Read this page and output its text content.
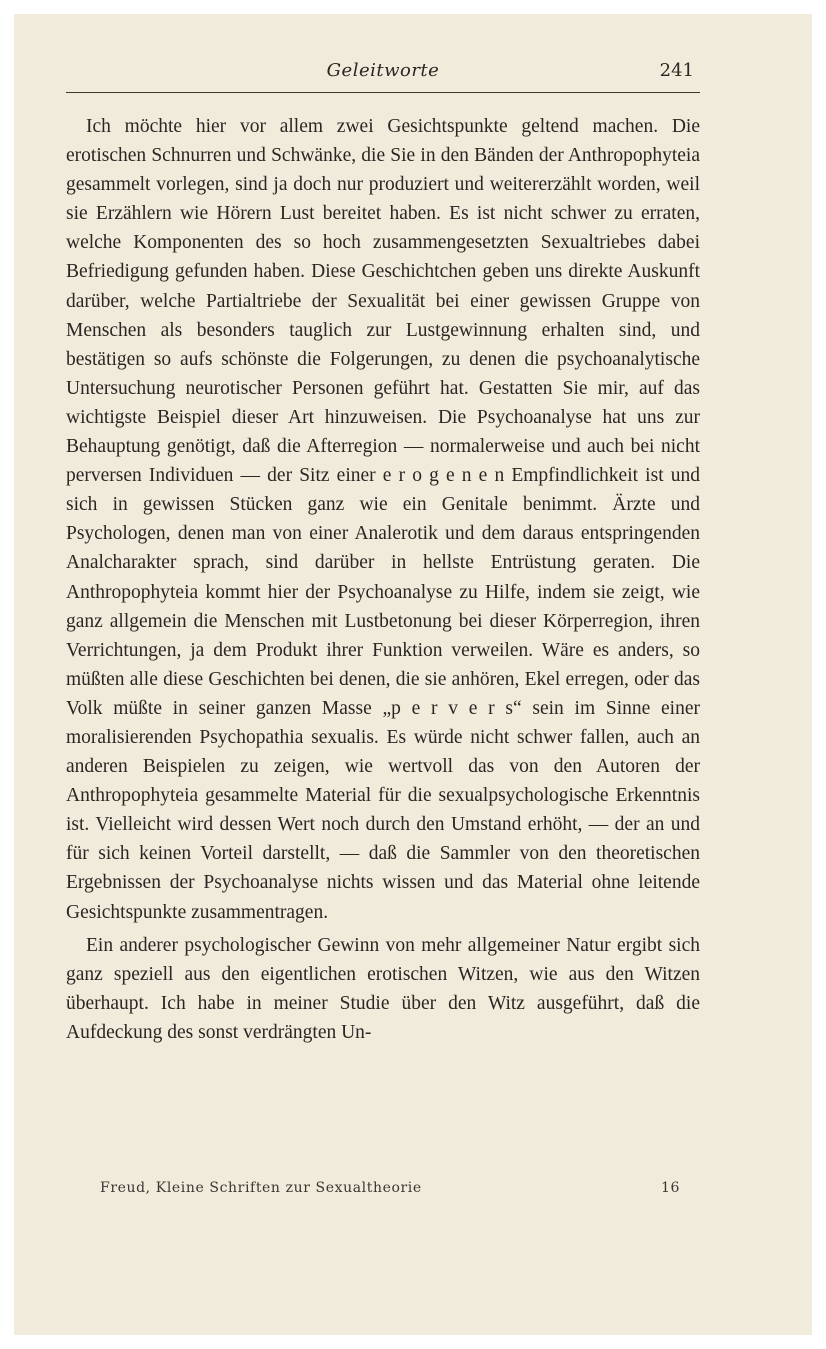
Geleitworte	241

Ich möchte hier vor allem zwei Gesichtspunkte geltend machen. Die erotischen Schnurren und Schwänke, die Sie in den Bänden der Anthropophyteia gesammelt vorlegen, sind ja doch nur produziert und weitererzählt worden, weil sie Erzählern wie Hörern Lust bereitet haben. Es ist nicht schwer zu erraten, welche Komponenten des so hoch zusammengesetzten Sexualtriebes dabei Befriedigung gefunden haben. Diese Geschichtchen geben uns direkte Auskunft darüber, welche Partialtriebe der Sexualität bei einer gewissen Gruppe von Menschen als besonders tauglich zur Lustgewinnung erhalten sind, und bestätigen so aufs schönste die Folgerungen, zu denen die psychoanalytische Untersuchung neurotischer Personen geführt hat. Gestatten Sie mir, auf das wichtigste Beispiel dieser Art hinzuweisen. Die Psychoanalyse hat uns zur Behauptung genötigt, daß die Afterregion — normalerweise und auch bei nicht perversen Individuen — der Sitz einer e r o g e n e n Empfindlichkeit ist und sich in gewissen Stücken ganz wie ein Genitale benimmt. Ärzte und Psychologen, denen man von einer Analerotik und dem daraus entspringenden Analcharakter sprach, sind darüber in hellste Entrüstung geraten. Die Anthropophyteia kommt hier der Psychoanalyse zu Hilfe, indem sie zeigt, wie ganz allgemein die Menschen mit Lustbetonung bei dieser Körperregion, ihren Verrichtungen, ja dem Produkt ihrer Funktion verweilen. Wäre es anders, so müßten alle diese Geschichten bei denen, die sie anhören, Ekel erregen, oder das Volk müßte in seiner ganzen Masse „p e r v e r s“ sein im Sinne einer moralisierenden Psychopathia sexualis. Es würde nicht schwer fallen, auch an anderen Beispielen zu zeigen, wie wertvoll das von den Autoren der Anthropophyteia gesammelte Material für die sexualpsychologische Erkenntnis ist. Vielleicht wird dessen Wert noch durch den Umstand erhöht, — der an und für sich keinen Vorteil darstellt, — daß die Sammler von den theoretischen Ergebnissen der Psychoanalyse nichts wissen und das Material ohne leitende Gesichtspunkte zusammentragen.

Ein anderer psychologischer Gewinn von mehr allgemeiner Natur ergibt sich ganz speziell aus den eigentlichen erotischen Witzen, wie aus den Witzen überhaupt. Ich habe in meiner Studie über den Witz ausgeführt, daß die Aufdeckung des sonst verdrängten Un-

Freud, Kleine Schriften zur Sexualtheorie	16
